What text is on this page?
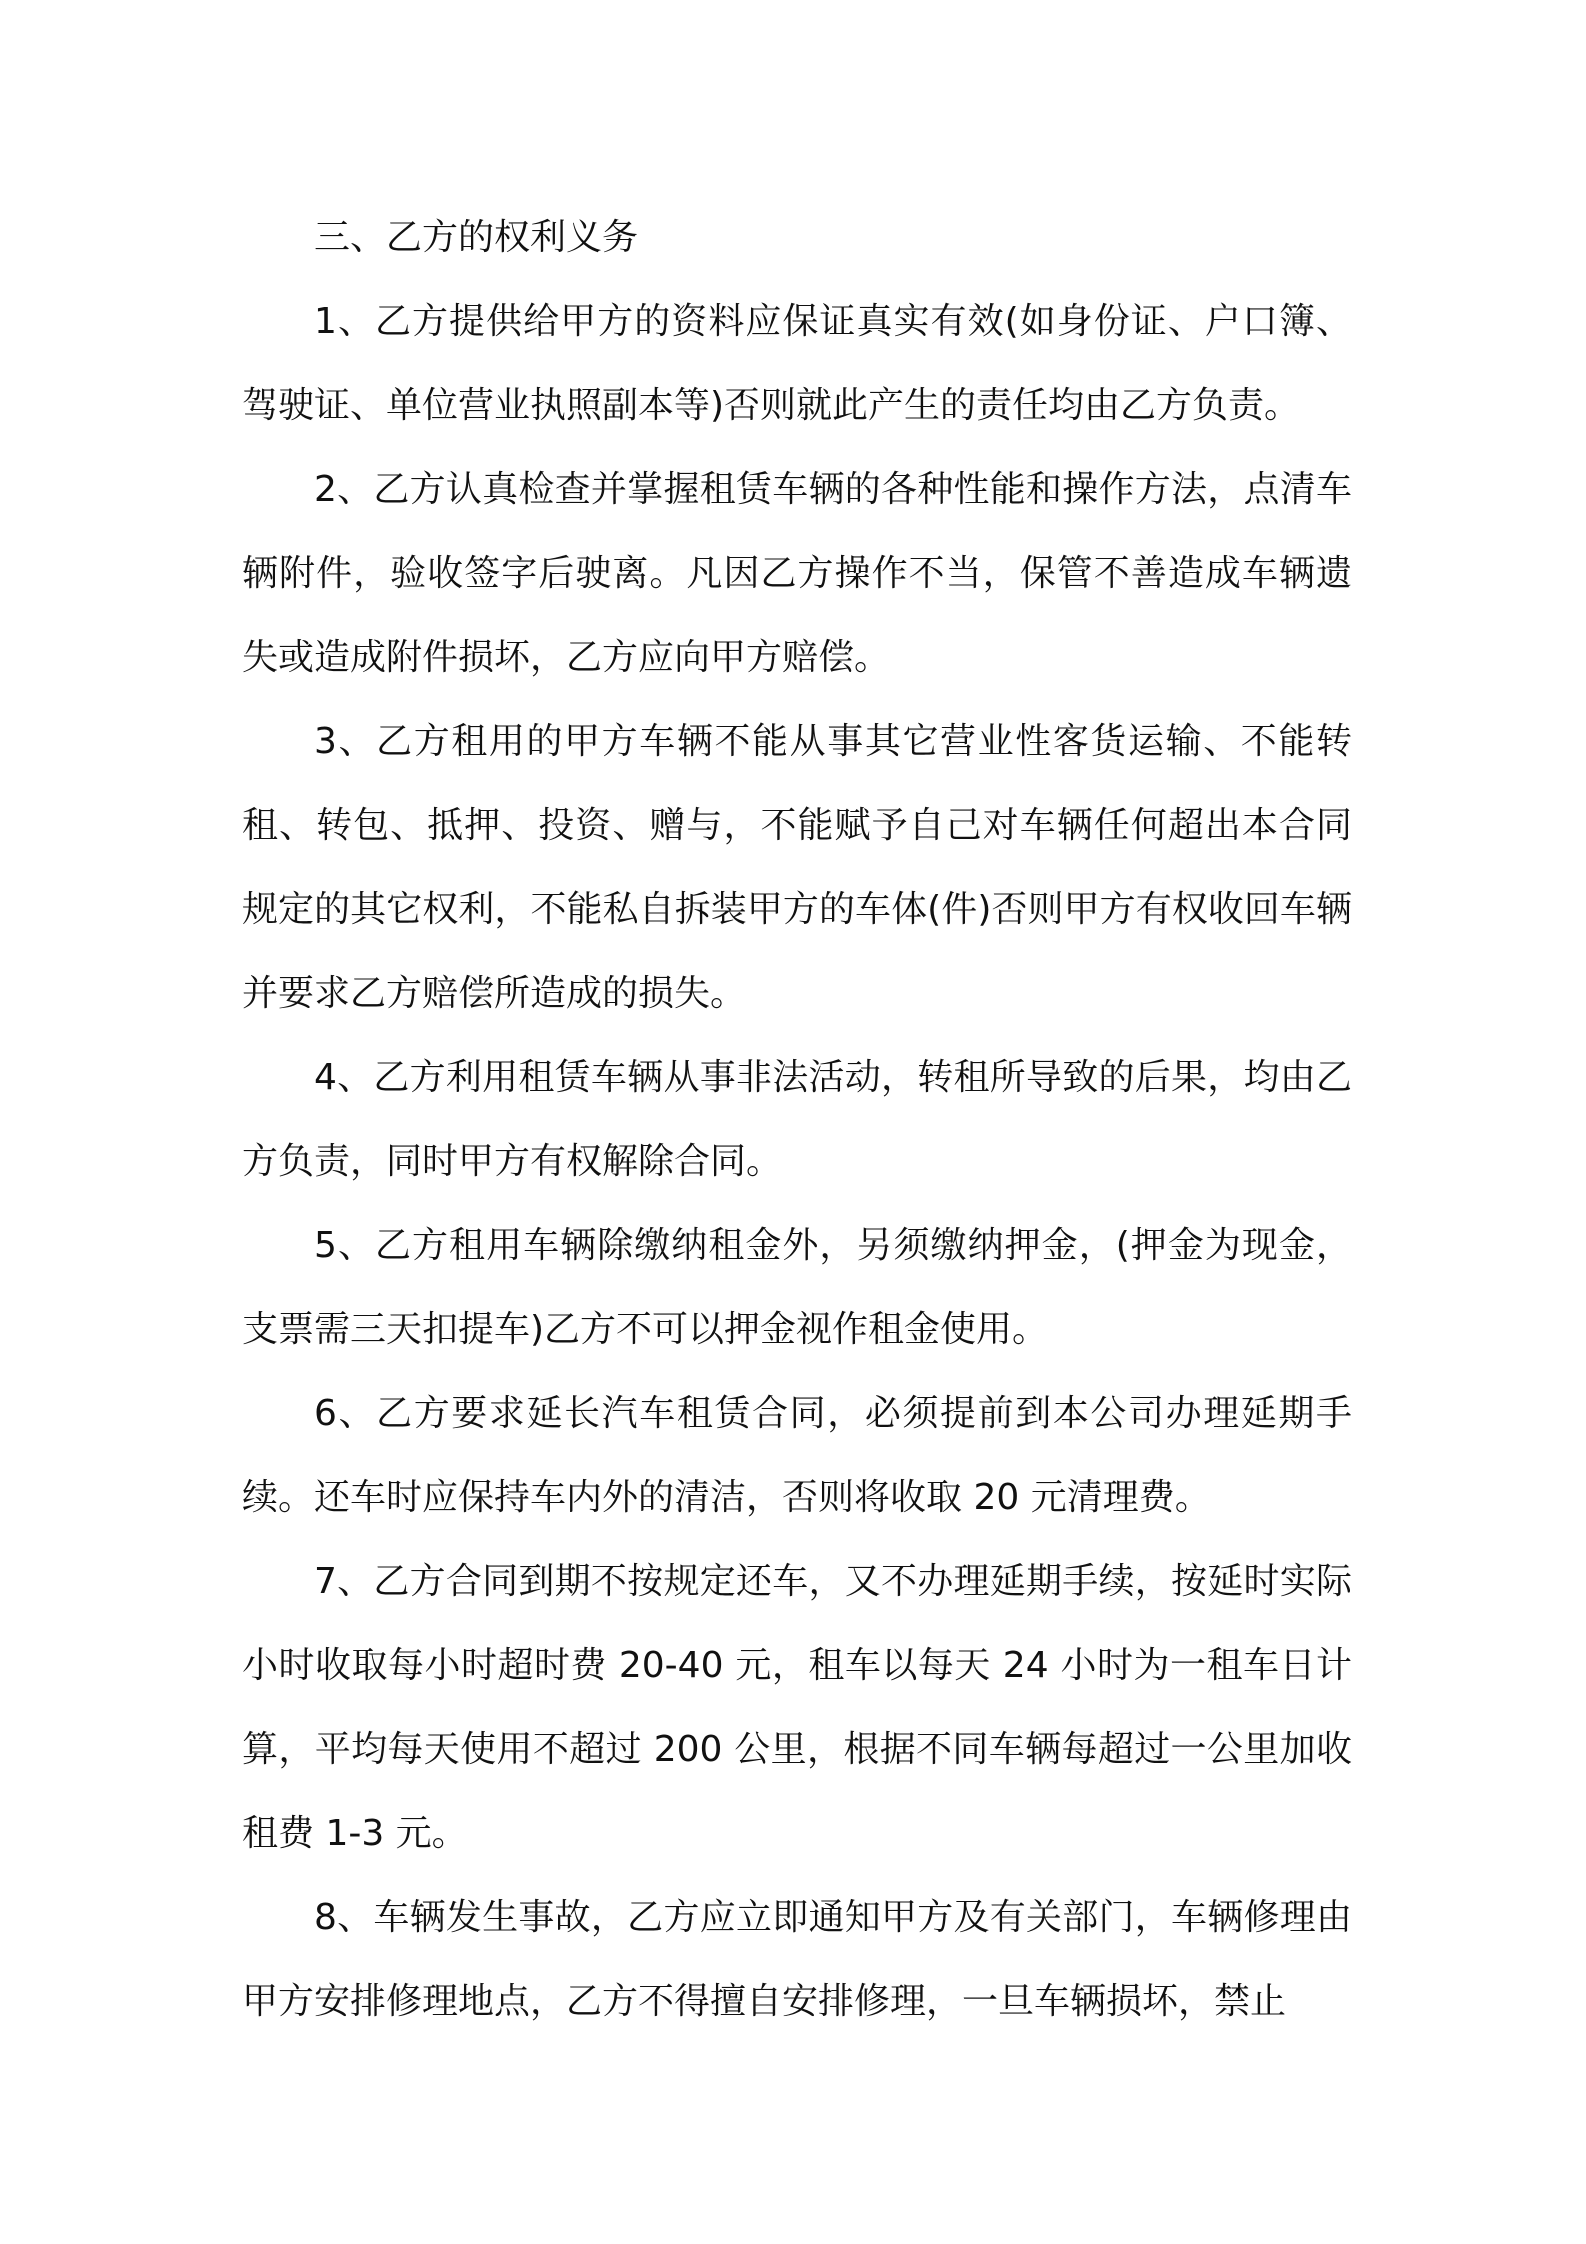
三、乙方的权利义务

1、乙方提供给甲方的资料应保证真实有效(如身份证、户口簿、驾驶证、单位营业执照副本等)否则就此产生的责任均由乙方负责。

2、乙方认真检查并掌握租赁车辆的各种性能和操作方法，点清车辆附件，验收签字后驶离。凡因乙方操作不当，保管不善造成车辆遗失或造成附件损坏，乙方应向甲方赔偿。

3、乙方租用的甲方车辆不能从事其它营业性客货运输、不能转租、转包、抵押、投资、赠与，不能赋予自己对车辆任何超出本合同规定的其它权利，不能私自拆装甲方的车体(件)否则甲方有权收回车辆并要求乙方赔偿所造成的损失。

4、乙方利用租赁车辆从事非法活动，转租所导致的后果，均由乙方负责，同时甲方有权解除合同。

5、乙方租用车辆除缴纳租金外，另须缴纳押金，(押金为现金，支票需三天扣提车)乙方不可以押金视作租金使用。

6、乙方要求延长汽车租赁合同，必须提前到本公司办理延期手续。还车时应保持车内外的清洁，否则将收取 20 元清理费。

7、乙方合同到期不按规定还车，又不办理延期手续，按延时实际小时收取每小时超时费 20-40 元，租车以每天 24 小时为一租车日计算，平均每天使用不超过 200 公里，根据不同车辆每超过一公里加收租费 1-3 元。

8、车辆发生事故，乙方应立即通知甲方及有关部门，车辆修理由甲方安排修理地点，乙方不得擅自安排修理，一旦车辆损坏，禁止
